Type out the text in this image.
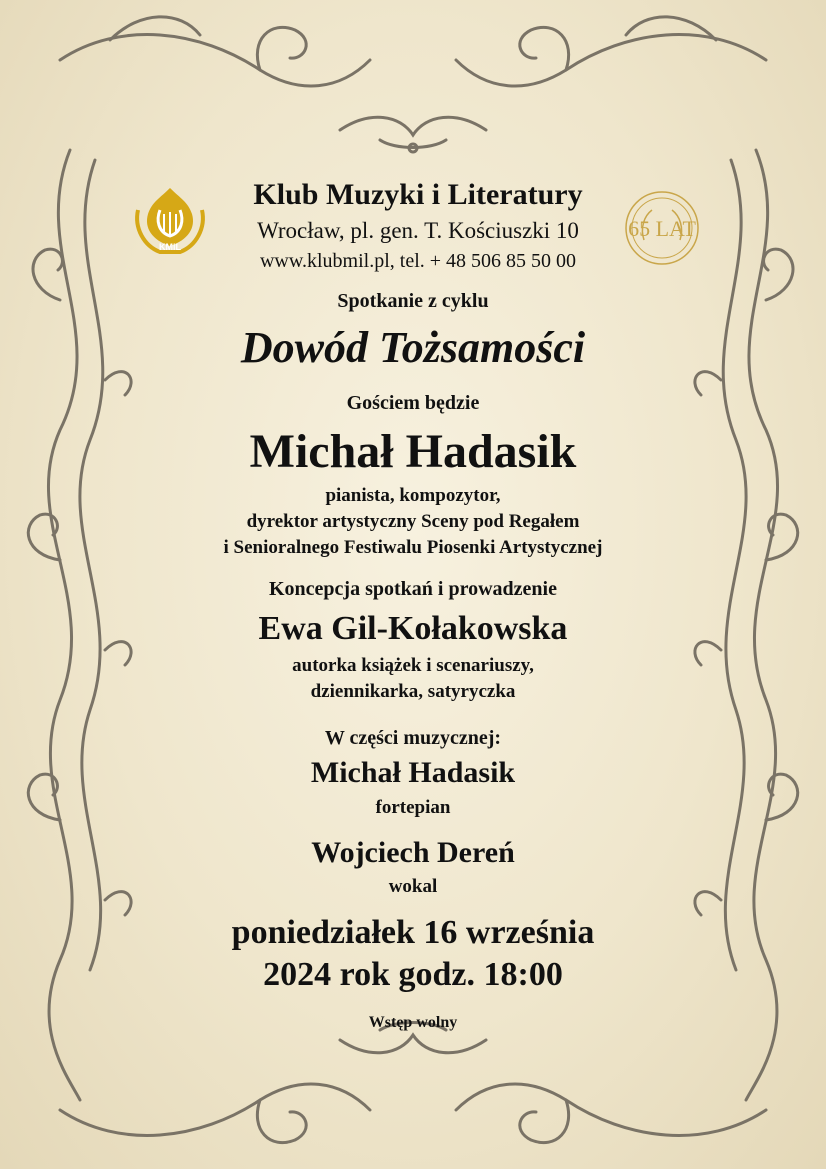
KMiL
Klub Muzyki i Literatury
Wrocław, pl. gen. T. Kościuszki 10
www.klubmil.pl, tel. + 48 506 85 50 00
65 LAT
Spotkanie z cyklu
Dowód Tożsamości
Gościem będzie
Michał Hadasik
pianista, kompozytor,
dyrektor artystyczny Sceny pod Regałem
i Senioralnego Festiwalu Piosenki Artystycznej
Koncepcja spotkań i prowadzenie
Ewa Gil-Kołakowska
autorka książek i scenariuszy,
dziennikarka, satyryczka
W części muzycznej:
Michał Hadasik
fortepian
Wojciech Dereń
wokal
poniedziałek 16 września
2024 rok godz. 18:00
Wstęp wolny
